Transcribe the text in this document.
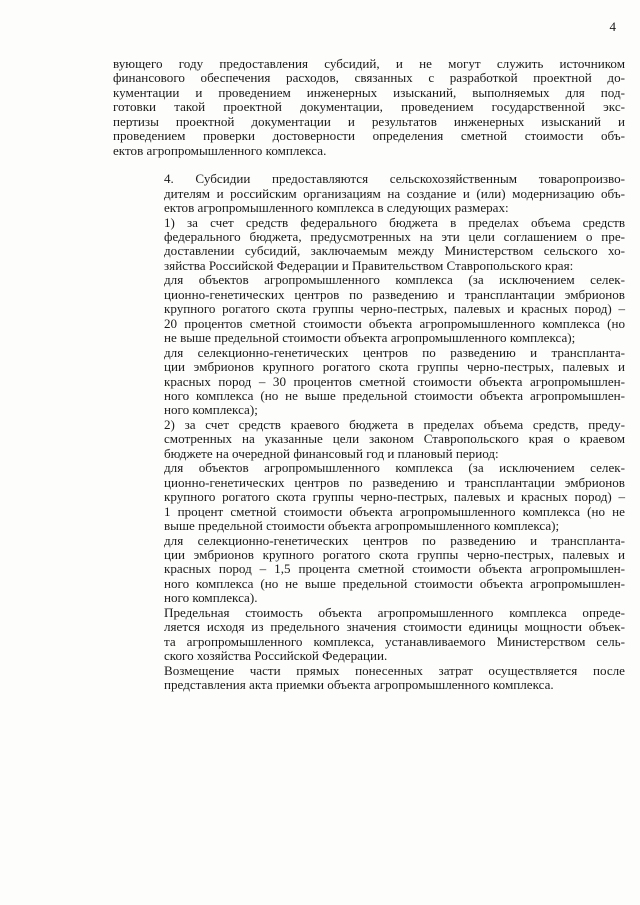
4
вующего году предоставления субсидий, и не могут служить источником
финансового обеспечения расходов, связанных с разработкой проектной до-
кументации и проведением инженерных изысканий, выполняемых для под-
готовки такой проектной документации, проведением государственной экс-
пертизы проектной документации и результатов инженерных изысканий и
проведением проверки достоверности определения сметной стоимости объ-
ектов агропромышленного комплекса.
4. Субсидии предоставляются сельскохозяйственным товаропроизво-
дителям и российским организациям на создание и (или) модернизацию объ-
ектов агропромышленного комплекса в следующих размерах:
1) за счет средств федерального бюджета в пределах объема средств
федерального бюджета, предусмотренных на эти цели соглашением о пре-
доставлении субсидий, заключаемым между Министерством сельского хо-
зяйства Российской Федерации и Правительством Ставропольского края:
для объектов агропромышленного комплекса (за исключением селек-
ционно-генетических центров по разведению и трансплантации эмбрионов
крупного рогатого скота группы черно-пестрых, палевых и красных пород) –
20 процентов сметной стоимости объекта агропромышленного комплекса (но
не выше предельной стоимости объекта агропромышленного комплекса);
для селекционно-генетических центров по разведению и транспланта-
ции эмбрионов крупного рогатого скота группы черно-пестрых, палевых и
красных пород – 30 процентов сметной стоимости объекта агропромышлен-
ного комплекса (но не выше предельной стоимости объекта агропромышлен-
ного комплекса);
2) за счет средств краевого бюджета в пределах объема средств, преду-
смотренных на указанные цели законом Ставропольского края о краевом
бюджете на очередной финансовый год и плановый период:
для объектов агропромышленного комплекса (за исключением селек-
ционно-генетических центров по разведению и трансплантации эмбрионов
крупного рогатого скота группы черно-пестрых, палевых и красных пород) –
1 процент сметной стоимости объекта агропромышленного комплекса (но не
выше предельной стоимости объекта агропромышленного комплекса);
для селекционно-генетических центров по разведению и транспланта-
ции эмбрионов крупного рогатого скота группы черно-пестрых, палевых и
красных пород – 1,5 процента сметной стоимости объекта агропромышлен-
ного комплекса (но не выше предельной стоимости объекта агропромышлен-
ного комплекса).
Предельная стоимость объекта агропромышленного комплекса опреде-
ляется исходя из предельного значения стоимости единицы мощности объек-
та агропромышленного комплекса, устанавливаемого Министерством сель-
ского хозяйства Российской Федерации.
Возмещение части прямых понесенных затрат осуществляется после
представления акта приемки объекта агропромышленного комплекса.
